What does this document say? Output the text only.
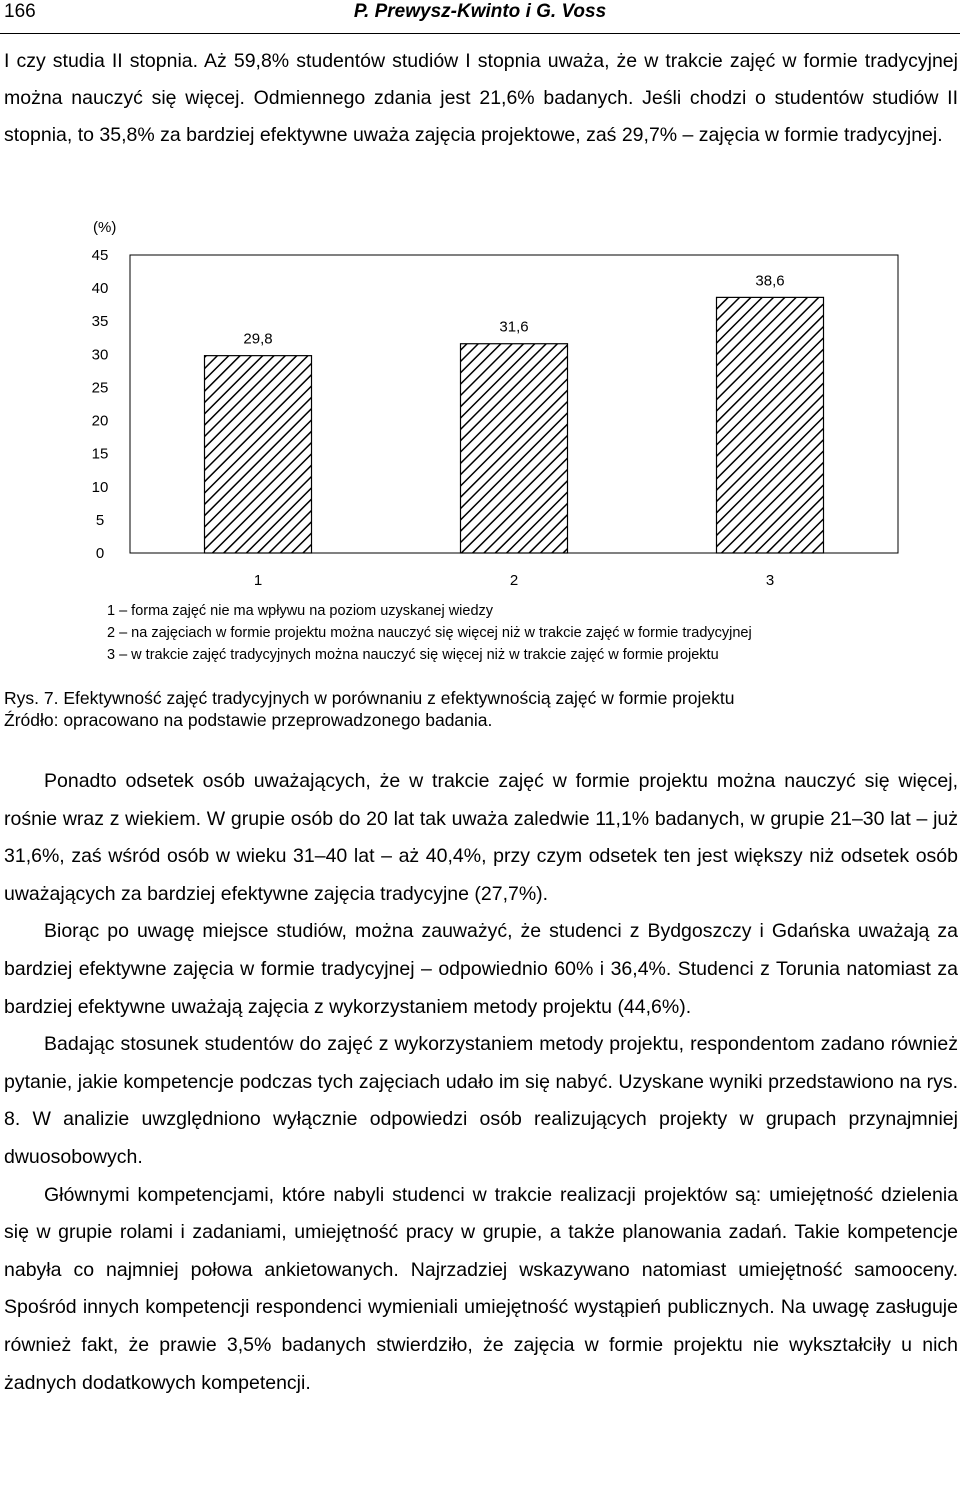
166	P. Prewysz-Kwinto i G. Voss

I czy studia II stopnia. Aż 59,8% studentów studiów I stopnia uważa, że w trakcie zajęć w formie tradycyjnej można nauczyć się więcej. Odmiennego zdania jest 21,6% badanych. Jeśli chodzi o studentów studiów II stopnia, to 35,8% za bardziej efektywne uważa zajęcia projektowe, zaś 29,7% – zajęcia w formie tradycyjnej.

(%)
0
5
10
15
20
25
30
35
40
45
29,8
31,6
38,6
1	2	3
1 – forma zajęć nie ma wpływu na poziom uzyskanej wiedzy
2 – na zajęciach w formie projektu można nauczyć się więcej niż w trakcie zajęć w formie tradycyjnej
3 – w trakcie zajęć tradycyjnych można nauczyć się więcej niż w trakcie zajęć w formie projektu
Rys. 7. Efektywność zajęć tradycyjnych w porównaniu z efektywnością zajęć w formie projektu
Źródło: opracowano na podstawie przeprowadzonego badania.

Ponadto odsetek osób uważających, że w trakcie zajęć w formie projektu można nauczyć się więcej, rośnie wraz z wiekiem. W grupie osób do 20 lat tak uważa zaledwie 11,1% badanych, w grupie 21–30 lat – już 31,6%, zaś wśród osób w wieku 31–40 lat – aż 40,4%, przy czym odsetek ten jest większy niż odsetek osób uważających za bardziej efektywne zajęcia tradycyjne (27,7%).

Biorąc po uwagę miejsce studiów, można zauważyć, że studenci z Bydgoszczy i Gdańska uważają za bardziej efektywne zajęcia w formie tradycyjnej – odpowiednio 60% i 36,4%. Studenci z Torunia natomiast za bardziej efektywne uważają zajęcia z wykorzystaniem metody projektu (44,6%).

Badając stosunek studentów do zajęć z wykorzystaniem metody projektu, respondentom zadano również pytanie, jakie kompetencje podczas tych zajęciach udało im się nabyć. Uzyskane wyniki przedstawiono na rys. 8. W analizie uwzględniono wyłącznie odpowiedzi osób realizujących projekty w grupach przynajmniej dwuosobowych.

Głównymi kompetencjami, które nabyli studenci w trakcie realizacji projektów są: umiejętność dzielenia się w grupie rolami i zadaniami, umiejętność pracy w grupie, a także planowania zadań. Takie kompetencje nabyła co najmniej połowa ankietowanych. Najrzadziej wskazywano natomiast umiejętność samooceny. Spośród innych kompetencji respondenci wymieniali umiejętność wystąpień publicznych. Na uwagę zasługuje również fakt, że prawie 3,5% badanych stwierdziło, że zajęcia w formie projektu nie wykształciły u nich żadnych dodatkowych kompetencji.
